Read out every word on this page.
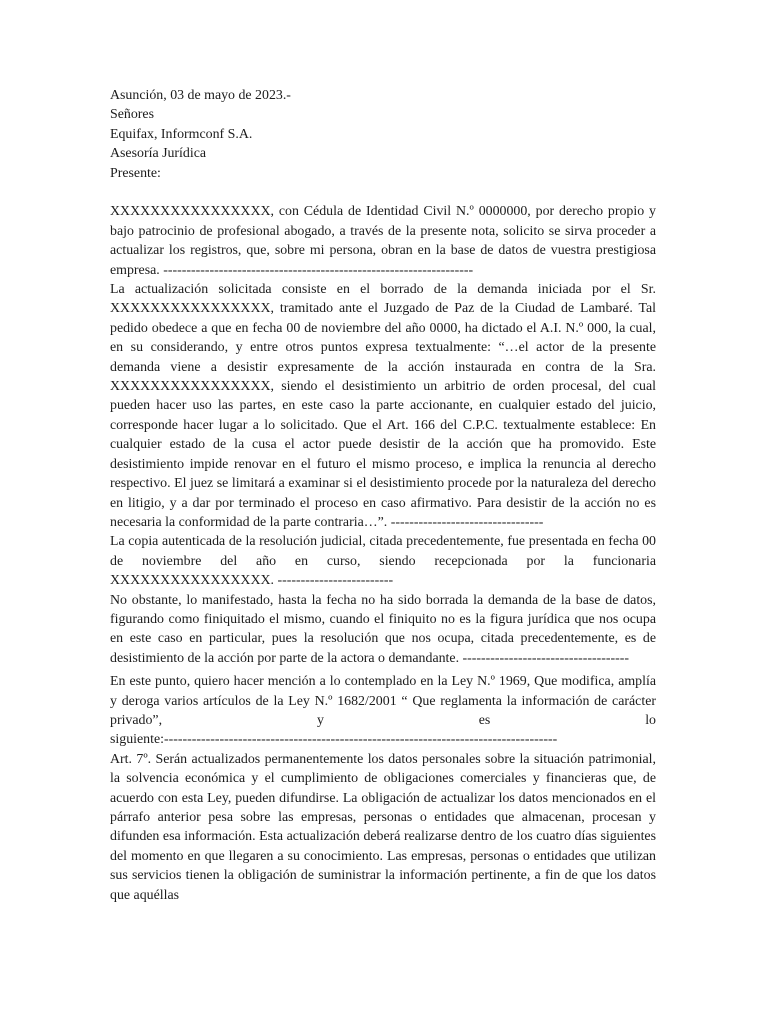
Asunción, 03 de mayo de 2023.-
Señores
Equifax, Informconf S.A.
Asesoría Jurídica
Presente:

XXXXXXXXXXXXXXXX, con Cédula de Identidad Civil N.º 0000000, por derecho propio y bajo patrocinio de profesional abogado, a través de la presente nota, solicito se sirva proceder a actualizar los registros, que, sobre mi persona, obran en la base de datos de vuestra prestigiosa empresa. -------------------------------------------------------------------

La actualización solicitada consiste en el borrado de la demanda iniciada por el Sr. XXXXXXXXXXXXXXXX, tramitado ante el Juzgado de Paz de la Ciudad de Lambaré. Tal pedido obedece a que en fecha 00 de noviembre del año 0000, ha dictado el A.I. N.º 000, la cual, en su considerando, y entre otros puntos expresa textualmente: “…el actor de la presente demanda viene a desistir expresamente de la acción instaurada en contra de la Sra. XXXXXXXXXXXXXXXX, siendo el desistimiento un arbitrio de orden procesal, del cual pueden hacer uso las partes, en este caso la parte accionante, en cualquier estado del juicio, corresponde hacer lugar a lo solicitado. Que el Art. 166 del C.P.C. textualmente establece: En cualquier estado de la cusa el actor puede desistir de la acción que ha promovido. Este desistimiento impide renovar en el futuro el mismo proceso, e implica la renuncia al derecho respectivo. El juez se limitará a examinar si el desistimiento procede por la naturaleza del derecho en litigio, y a dar por terminado el proceso en caso afirmativo. Para desistir de la acción no es necesaria la conformidad de la parte contraria…”. ---------------------------------

La copia autenticada de la resolución judicial, citada precedentemente, fue presentada en fecha 00 de noviembre del año en curso, siendo recepcionada por la funcionaria XXXXXXXXXXXXXXXX. -------------------------

No obstante, lo manifestado, hasta la fecha no ha sido borrada la demanda de la base de datos, figurando como finiquitado el mismo, cuando el finiquito no es la figura jurídica que nos ocupa en este caso en particular, pues la resolución que nos ocupa, citada precedentemente, es de desistimiento de la acción por parte de la actora o demandante. ------------------------------------

En este punto, quiero hacer mención a lo contemplado en la Ley N.º 1969, Que modifica, amplía y deroga varios artículos de la Ley N.º 1682/2001 “ Que reglamenta la información de carácter privado”, y es lo

siguiente:-------------------------------------------------------------------------------------

Art. 7º. Serán actualizados permanentemente los datos personales sobre la situación patrimonial, la solvencia económica y el cumplimiento de obligaciones comerciales y financieras que, de acuerdo con esta Ley, pueden difundirse. La obligación de actualizar los datos mencionados en el párrafo anterior pesa sobre las empresas, personas o entidades que almacenan, procesan y difunden esa información. Esta actualización deberá realizarse dentro de los cuatro días siguientes del momento en que llegaren a su conocimiento. Las empresas, personas o entidades que utilizan sus servicios tienen la obligación de suministrar la información pertinente, a fin de que los datos que aquéllas
